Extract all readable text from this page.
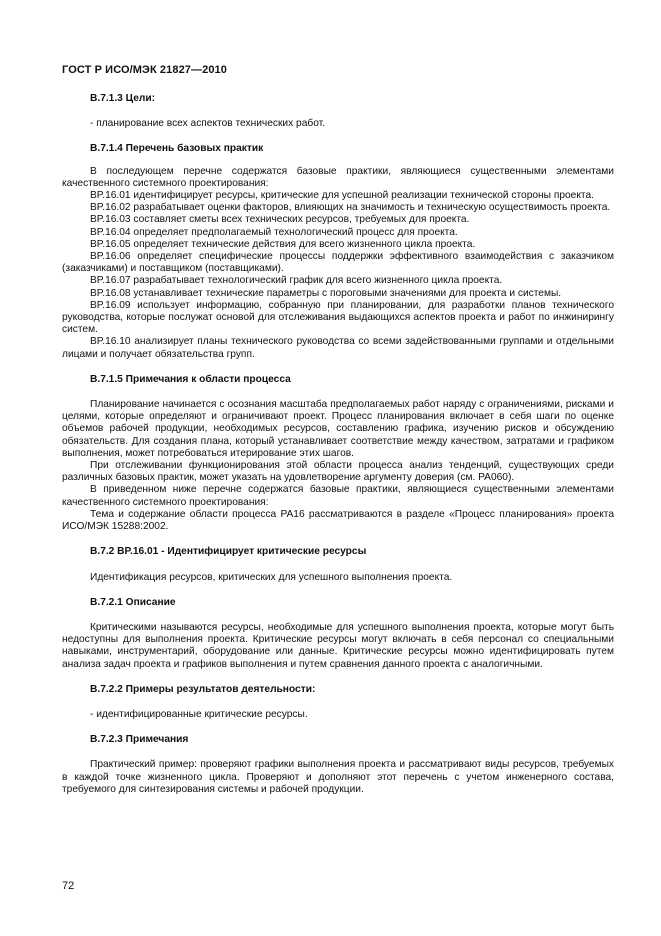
ГОСТ Р ИСО/МЭК 21827—2010
B.7.1.3 Цели:

- планирование всех аспектов технических работ.

B.7.1.4 Перечень базовых практик

В последующем перечне содержатся базовые практики, являющиеся существенными элементами качественного системного проектирования:

BP.16.01 идентифицирует ресурсы, критические для успешной реализации технической стороны проекта.

BP.16.02 разрабатывает оценки факторов, влияющих на значимость и техническую осуществимость проекта.

BP.16.03 составляет сметы всех технических ресурсов, требуемых для проекта.

BP.16.04 определяет предполагаемый технологический процесс для проекта.

BP.16.05 определяет технические действия для всего жизненного цикла проекта.

BP.16.06 определяет специфические процессы поддержки эффективного взаимодействия с заказчиком (заказчиками) и поставщиком (поставщиками).

BP.16.07 разрабатывает технологический график для всего жизненного цикла проекта.

BP.16.08 устанавливает технические параметры с пороговыми значениями для проекта и системы.

BP.16.09 использует информацию, собранную при планировании, для разработки планов технического руководства, которые послужат основой для отслеживания выдающихся аспектов проекта и работ по инжинирингу систем.

BP.16.10 анализирует планы технического руководства со всеми задействованными группами и отдельными лицами и получает обязательства групп.

B.7.1.5 Примечания к области процесса

Планирование начинается с осознания масштаба предполагаемых работ наряду с ограничениями, рисками и целями, которые определяют и ограничивают проект. Процесс планирования включает в себя шаги по оценке объемов рабочей продукции, необходимых ресурсов, составлению графика, изучению рисков и обсуждению обязательств. Для создания плана, который устанавливает соответствие между качеством, затратами и графиком выполнения, может потребоваться итерирование этих шагов.

При отслеживании функционирования этой области процесса анализ тенденций, существующих среди различных базовых практик, может указать на удовлетворение аргументу доверия (см. PA060).

В приведенном ниже перечне содержатся базовые практики, являющиеся существенными элементами качественного системного проектирования:

Тема и содержание области процесса PA16 рассматриваются в разделе «Процесс планирования» проекта ИСО/МЭК 15288:2002.

B.7.2 BP.16.01 - Идентифицирует критические ресурсы

Идентификация ресурсов, критических для успешного выполнения проекта.

B.7.2.1 Описание

Критическими называются ресурсы, необходимые для успешного выполнения проекта, которые могут быть недоступны для выполнения проекта. Критические ресурсы могут включать в себя персонал со специальными навыками, инструментарий, оборудование или данные. Критические ресурсы можно идентифицировать путем анализа задач проекта и графиков выполнения и путем сравнения данного проекта с аналогичными.

B.7.2.2 Примеры результатов деятельности:

- идентифицированные критические ресурсы.

B.7.2.3 Примечания

Практический пример: проверяют графики выполнения проекта и рассматривают виды ресурсов, требуемых в каждой точке жизненного цикла. Проверяют и дополняют этот перечень с учетом инженерного состава, требуемого для синтезирования системы и рабочей продукции.

72
